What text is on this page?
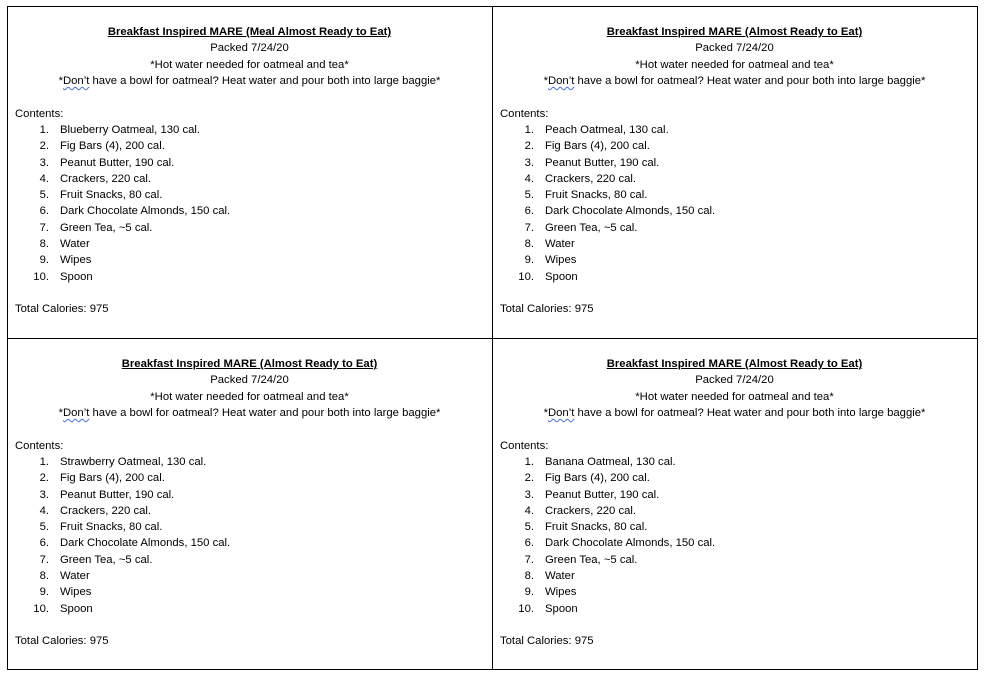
Breakfast Inspired MARE (Meal Almost Ready to Eat)
Packed 7/24/20
*Hot water needed for oatmeal and tea*
*Don’t have a bowl for oatmeal? Heat water and pour both into large baggie*
Contents:
1. Blueberry Oatmeal, 130 cal.
2. Fig Bars (4), 200 cal.
3. Peanut Butter, 190 cal.
4. Crackers, 220 cal.
5. Fruit Snacks, 80 cal.
6. Dark Chocolate Almonds, 150 cal.
7. Green Tea, ~5 cal.
8. Water
9. Wipes
10. Spoon
Total Calories: 975
Breakfast Inspired MARE (Almost Ready to Eat)
Packed 7/24/20
*Hot water needed for oatmeal and tea*
*Don’t have a bowl for oatmeal? Heat water and pour both into large baggie*
Contents:
1. Peach Oatmeal, 130 cal.
2. Fig Bars (4), 200 cal.
3. Peanut Butter, 190 cal.
4. Crackers, 220 cal.
5. Fruit Snacks, 80 cal.
6. Dark Chocolate Almonds, 150 cal.
7. Green Tea, ~5 cal.
8. Water
9. Wipes
10. Spoon
Total Calories: 975
Breakfast Inspired MARE (Almost Ready to Eat)
Packed 7/24/20
*Hot water needed for oatmeal and tea*
*Don’t have a bowl for oatmeal? Heat water and pour both into large baggie*
Contents:
1. Strawberry Oatmeal, 130 cal.
2. Fig Bars (4), 200 cal.
3. Peanut Butter, 190 cal.
4. Crackers, 220 cal.
5. Fruit Snacks, 80 cal.
6. Dark Chocolate Almonds, 150 cal.
7. Green Tea, ~5 cal.
8. Water
9. Wipes
10. Spoon
Total Calories: 975
Breakfast Inspired MARE (Almost Ready to Eat)
Packed 7/24/20
*Hot water needed for oatmeal and tea*
*Don’t have a bowl for oatmeal? Heat water and pour both into large baggie*
Contents:
1. Banana Oatmeal, 130 cal.
2. Fig Bars (4), 200 cal.
3. Peanut Butter, 190 cal.
4. Crackers, 220 cal.
5. Fruit Snacks, 80 cal.
6. Dark Chocolate Almonds, 150 cal.
7. Green Tea, ~5 cal.
8. Water
9. Wipes
10. Spoon
Total Calories: 975
